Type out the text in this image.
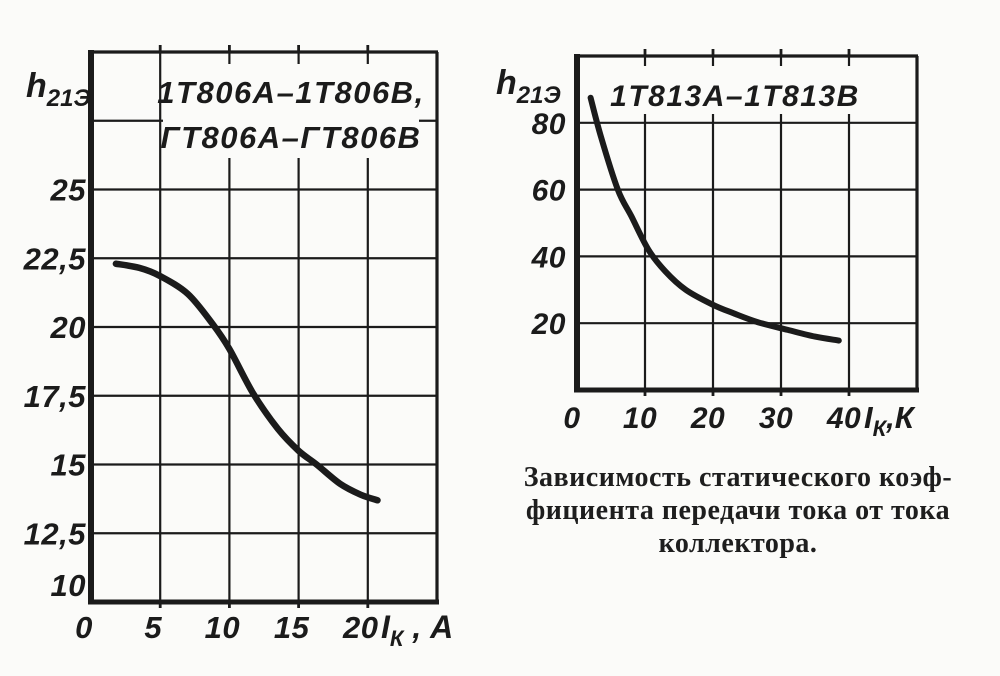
1Т806А–1Т806В,
ГТ806А–ГТ806В
10
12,5
15
17,5
20
22,5
25
0 5 10 15 20
$h_{21Э}$
$I_К$ , А
1Т813А–1Т813В
20
40
60
80
0 10 20 30 40
$h_{21Э}$
$I_К,К$
Зависимость статического коэф-
фициента передачи тока от тока
коллектора.
